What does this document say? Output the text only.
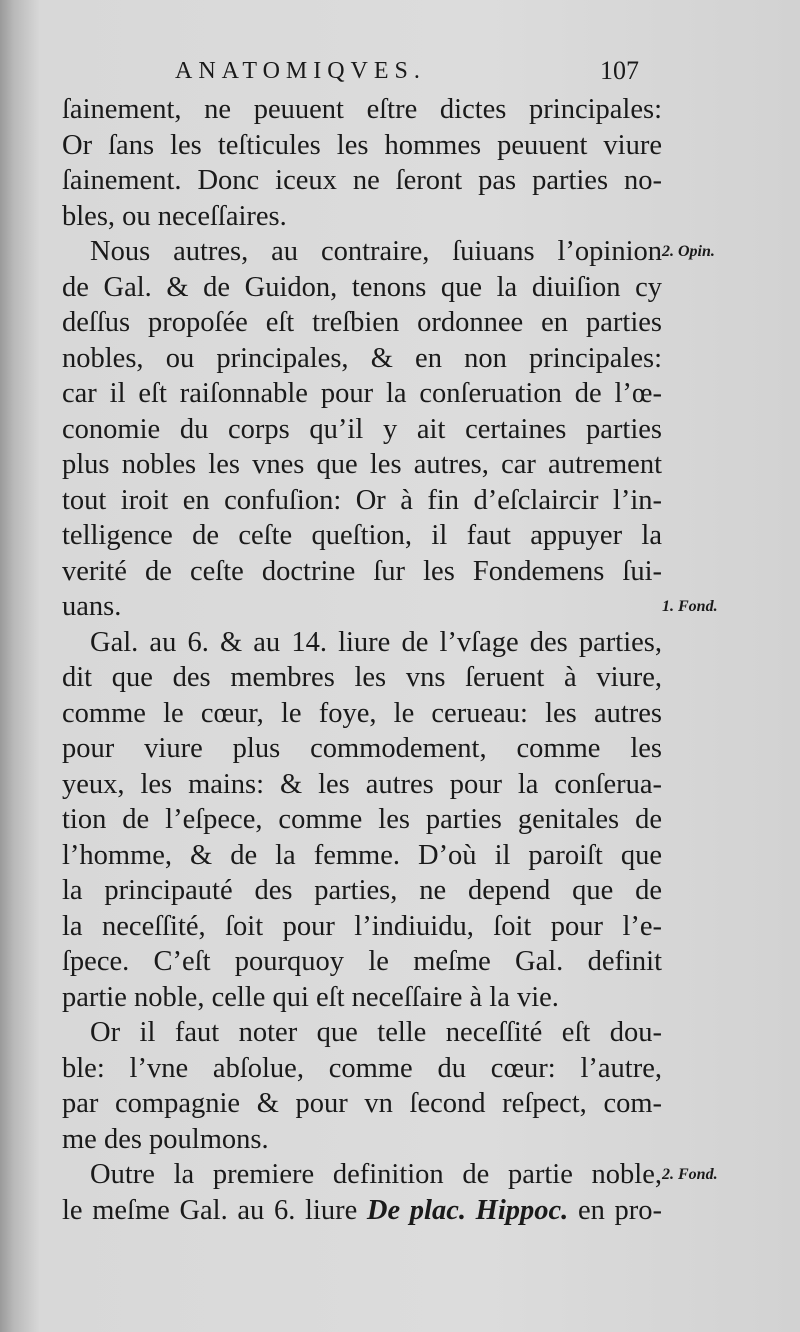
ANATOMIQVES.	107
ſainement, ne peuuent eſtre dictes principales:
Or ſans les teſticules les hommes peuuent viure
ſainement. Donc iceux ne ſeront pas parties no-
bles, ou neceſſaires.
Nous autres, au contraire, ſuiuans l’opinion
de Gal. & de Guidon, tenons que la diuiſion cy
deſſus propoſée eſt treſbien ordonnee en parties
nobles, ou principales, & en non principales:
car il eſt raiſonnable pour la conſeruation de l’œ-
conomie du corps qu’il y ait certaines parties
plus nobles les vnes que les autres, car autrement
tout iroit en confuſion: Or à fin d’eſclaircir l’in-
telligence de ceſte queſtion, il faut appuyer la
verité de ceſte doctrine ſur les Fondemens ſui-
uans.
Gal. au 6. & au 14. liure de l’vſage des parties,
dit que des membres les vns ſeruent à viure,
comme le cœur, le foye, le cerueau: les autres
pour viure plus commodement, comme les
yeux, les mains: & les autres pour la conſerua-
tion de l’eſpece, comme les parties genitales de
l’homme, & de la femme. D’où il paroiſt que
la principauté des parties, ne depend que de
la neceſſité, ſoit pour l’indiuidu, ſoit pour l’e-
ſpece. C’eſt pourquoy le meſme Gal. definit
partie noble, celle qui eſt neceſſaire à la vie.
Or il faut noter que telle neceſſité eſt dou-
ble: l’vne abſolue, comme du cœur: l’autre,
par compagnie & pour vn ſecond reſpect, com-
me des poulmons.
Outre la premiere definition de partie noble,
le meſme Gal. au 6. liure De plac. Hippoc. en pro-
2. Opin.
1. Fond.
2. Fond.
